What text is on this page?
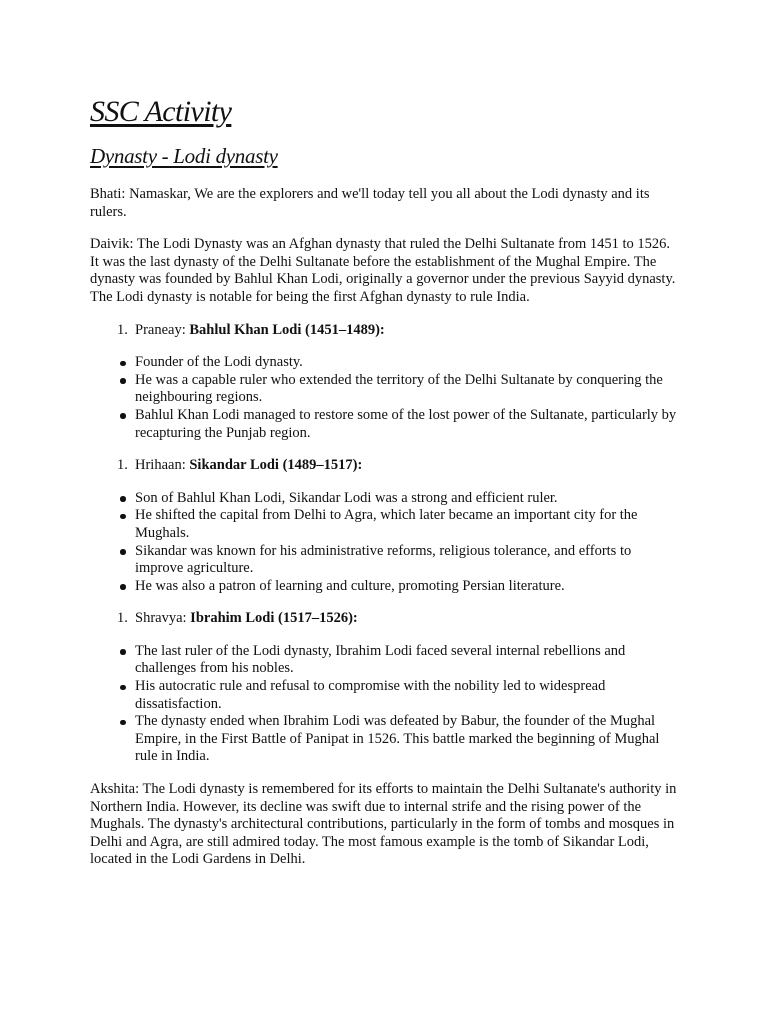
SSC Activity
Dynasty - Lodi dynasty

Bhati: Namaskar, We are the explorers and we'll today tell you all about the Lodi dynasty and its rulers.

Daivik: The Lodi Dynasty was an Afghan dynasty that ruled the Delhi Sultanate from 1451 to 1526. It was the last dynasty of the Delhi Sultanate before the establishment of the Mughal Empire. The dynasty was founded by Bahlul Khan Lodi, originally a governor under the previous Sayyid dynasty. The Lodi dynasty is notable for being the first Afghan dynasty to rule India.

1. Praneay: Bahlul Khan Lodi (1451–1489):
Founder of the Lodi dynasty.
He was a capable ruler who extended the territory of the Delhi Sultanate by conquering the neighbouring regions.
Bahlul Khan Lodi managed to restore some of the lost power of the Sultanate, particularly by recapturing the Punjab region.
1. Hrihaan: Sikandar Lodi (1489–1517):
Son of Bahlul Khan Lodi, Sikandar Lodi was a strong and efficient ruler.
He shifted the capital from Delhi to Agra, which later became an important city for the Mughals.
Sikandar was known for his administrative reforms, religious tolerance, and efforts to improve agriculture.
He was also a patron of learning and culture, promoting Persian literature.
1. Shravya: Ibrahim Lodi (1517–1526):
The last ruler of the Lodi dynasty, Ibrahim Lodi faced several internal rebellions and challenges from his nobles.
His autocratic rule and refusal to compromise with the nobility led to widespread dissatisfaction.
The dynasty ended when Ibrahim Lodi was defeated by Babur, the founder of the Mughal Empire, in the First Battle of Panipat in 1526. This battle marked the beginning of Mughal rule in India.

Akshita: The Lodi dynasty is remembered for its efforts to maintain the Delhi Sultanate's authority in Northern India. However, its decline was swift due to internal strife and the rising power of the Mughals. The dynasty's architectural contributions, particularly in the form of tombs and mosques in Delhi and Agra, are still admired today. The most famous example is the tomb of Sikandar Lodi, located in the Lodi Gardens in Delhi.
